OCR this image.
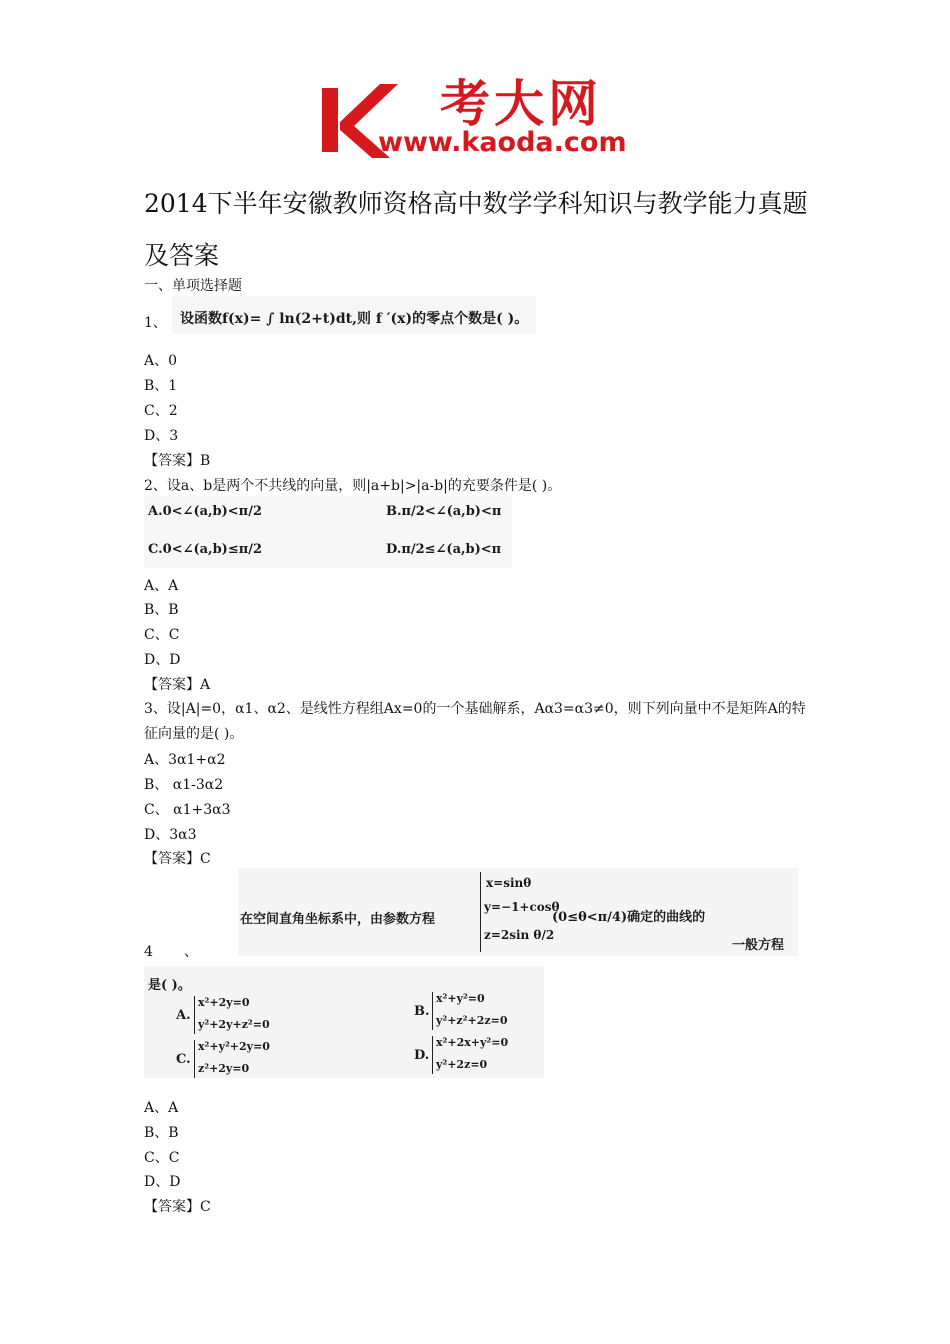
考大网
www.kaoda.com
2014下半年安徽教师资格高中数学学科知识与教学能力真题及答案
一、单项选择题
1、 设函数f(x)= ∫ ln(2+t)dt,则 f ′(x)的零点个数是( )。
A、0
B、1
C、2
D、3
【答案】B
2、设a、b是两个不共线的向量，则|a+b|>|a-b|的充要条件是( )。
A.0<∠(a,b)<π/2	B.π/2<∠(a,b)<π
C.0<∠(a,b)≤π/2	D.π/2≤∠(a,b)<π
A、A
B、B
C、C
D、D
【答案】A
3、设|A|=0，α1、α2、是线性方程组Ax=0的一个基础解系，Aα3=α3≠0，则下列向量中不是矩阵A的特征向量的是( )。
A、3α1+α2
B、 α1-3α2
C、 α1+3α3
D、3α3
【答案】C
4 、
在空间直角坐标系中，由参数方程
x=sinθ
y=−1+cosθ
z=2sin θ/2
(0≤θ<π/4)确定的曲线的
一般方程
是( )。
A.
x²+2y=0
y²+2y+z²=0
B.
x²+y²=0
y²+z²+2z=0
C.
x²+y²+2y=0
z²+2y=0
D.
x²+2x+y²=0
y²+2z=0
A、A
B、B
C、C
D、D
【答案】C
